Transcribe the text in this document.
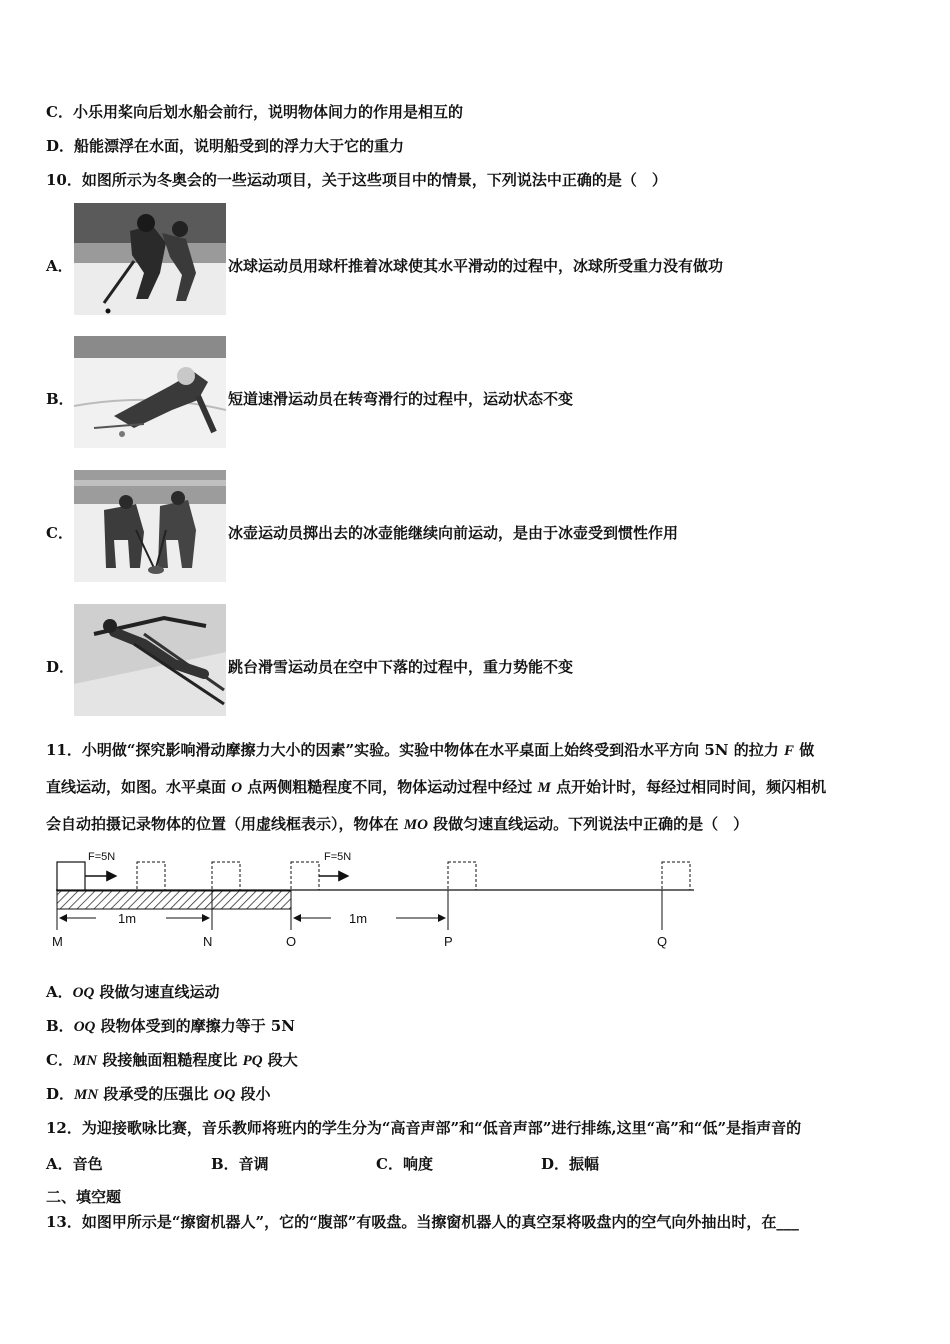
C．小乐用桨向后划水船会前行，说明物体间力的作用是相互的
D．船能漂浮在水面，说明船受到的浮力大于它的重力
10．如图所示为冬奥会的一些运动项目，关于这些项目中的情景，下列说法中正确的是（　）
A．	冰球运动员用球杆推着冰球使其水平滑动的过程中，冰球所受重力没有做功
B．	短道速滑运动员在转弯滑行的过程中，运动状态不变
C．	冰壶运动员掷出去的冰壶能继续向前运动，是由于冰壶受到惯性作用
D．	跳台滑雪运动员在空中下落的过程中，重力势能不变
11．小明做“探究影响滑动摩擦力大小的因素”实验。实验中物体在水平桌面上始终受到沿水平方向 5N 的拉力 F 做
直线运动，如图。水平桌面 O 点两侧粗糙程度不同，物体运动过程中经过 M 点开始计时，每经过相同时间，频闪相机
会自动拍摄记录物体的位置（用虚线框表示），物体在 MO 段做匀速直线运动。下列说法中正确的是（　）
F=5N	F=5N
1m	1m
M	N	O	P	Q
A．OQ 段做匀速直线运动
B．OQ 段物体受到的摩擦力等于 5N
C．MN 段接触面粗糙程度比 PQ 段大
D．MN 段承受的压强比 OQ 段小
12．为迎接歌咏比赛，音乐教师将班内的学生分为“高音声部”和“低音声部”进行排练,这里“高”和“低”是指声音的
A．音色	B．音调	C．响度	D．振幅
二、填空题
13．如图甲所示是“擦窗机器人”，它的“腹部”有吸盘。当擦窗机器人的真空泵将吸盘内的空气向外抽出时，在___
